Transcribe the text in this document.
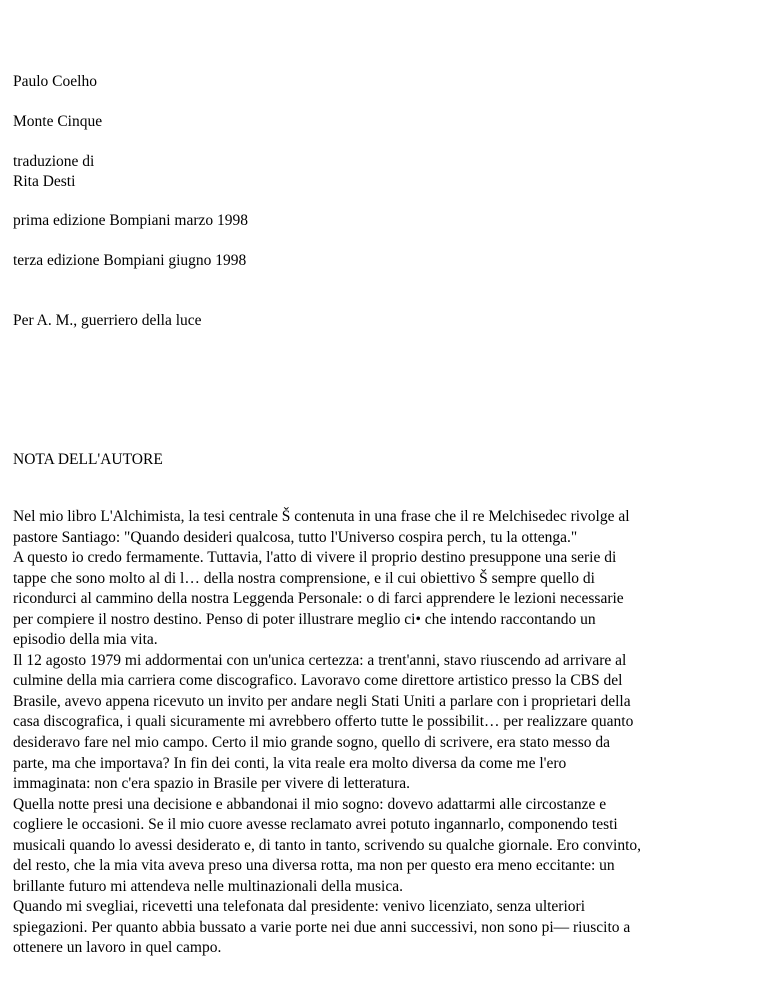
Paulo Coelho
Monte Cinque
traduzione di
Rita Desti
prima edizione Bompiani marzo 1998
terza edizione Bompiani giugno 1998
Per A. M., guerriero della luce
NOTA DELL'AUTORE

Nel mio libro L'Alchimista, la tesi centrale Š contenuta in una frase che il re Melchisedec rivolge al

pastore Santiago: "Quando desideri qualcosa, tutto l'Universo cospira perch‚ tu la ottenga."

A questo io credo fermamente. Tuttavia, l'atto di vivere il proprio destino presuppone una serie di

tappe che sono molto al di l… della nostra comprensione, e il cui obiettivo Š sempre quello di

ricondurci al cammino della nostra Leggenda Personale: o di farci apprendere le lezioni necessarie

per compiere il nostro destino. Penso di poter illustrare meglio ci• che intendo raccontando un

episodio della mia vita.

Il 12 agosto 1979 mi addormentai con un'unica certezza: a trent'anni, stavo riuscendo ad arrivare al

culmine della mia carriera come discografico. Lavoravo come direttore artistico presso la CBS del

Brasile, avevo appena ricevuto un invito per andare negli Stati Uniti a parlare con i proprietari della

casa discografica, i quali sicuramente mi avrebbero offerto tutte le possibilit… per realizzare quanto

desideravo fare nel mio campo. Certo il mio grande sogno, quello di scrivere, era stato messo da

parte, ma che importava? In fin dei conti, la vita reale era molto diversa da come me l'ero

immaginata: non c'era spazio in Brasile per vivere di letteratura.

Quella notte presi una decisione e abbandonai il mio sogno: dovevo adattarmi alle circostanze e

cogliere le occasioni. Se il mio cuore avesse reclamato avrei potuto ingannarlo, componendo testi

musicali quando lo avessi desiderato e, di tanto in tanto, scrivendo su qualche giornale. Ero convinto,

del resto, che la mia vita aveva preso una diversa rotta, ma non per questo era meno eccitante: un

brillante futuro mi attendeva nelle multinazionali della musica.

Quando mi svegliai, ricevetti una telefonata dal presidente: venivo licenziato, senza ulteriori

spiegazioni. Per quanto abbia bussato a varie porte nei due anni successivi, non sono pi— riuscito a

ottenere un lavoro in quel campo.
